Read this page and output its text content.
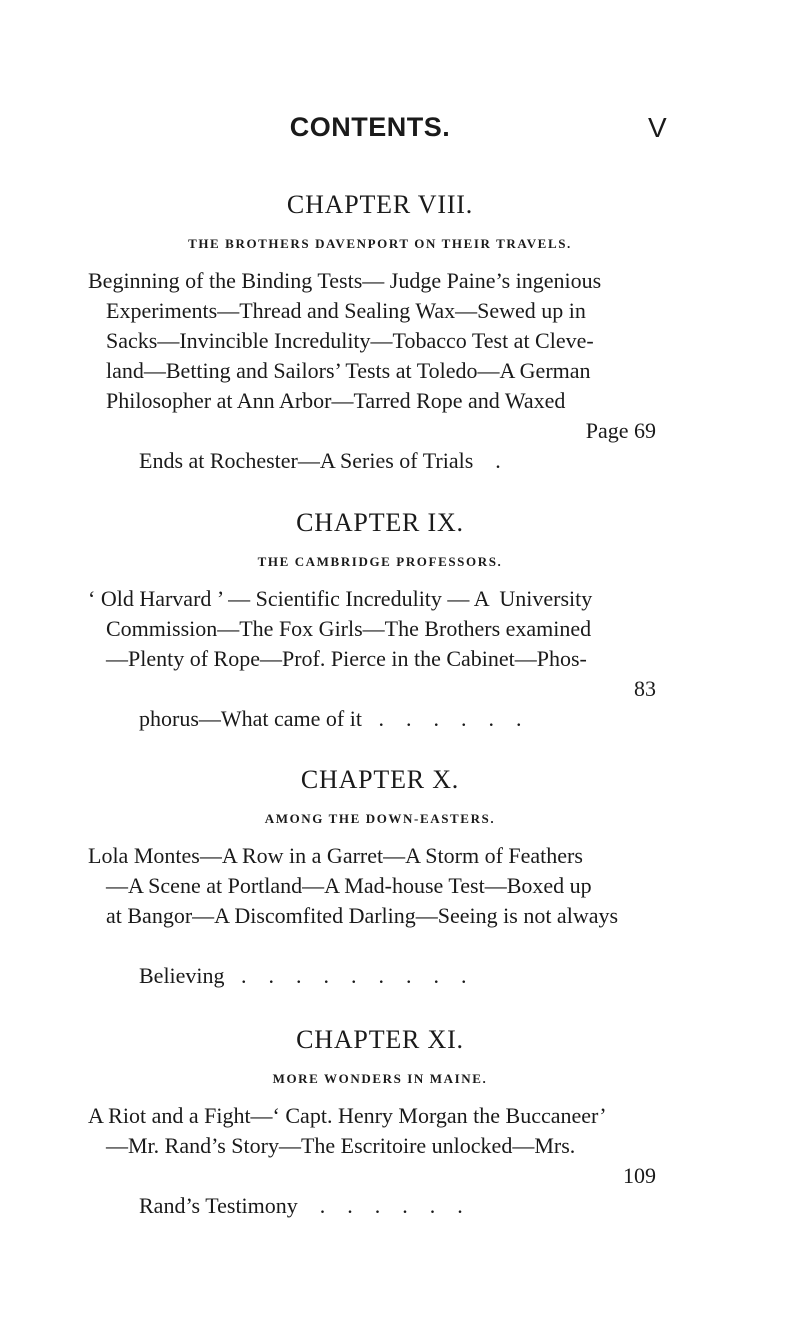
CONTENTS.	V
CHAPTER VIII.
THE BROTHERS DAVENPORT ON THEIR TRAVELS.
Beginning of the Binding Tests— Judge Paine’s ingenious
Experiments—Thread and Sealing Wax—Sewed up in
Sacks—Invincible Incredulity—Tobacco Test at Cleve-
land—Betting and Sailors’ Tests at Toledo—A German
Philosopher at Ann Arbor—Tarred Rope and Waxed

Ends at Rochester—A Series of Trials    .

Page 69

CHAPTER IX.
THE CAMBRIDGE PROFESSORS.
‘ Old Harvard ’ — Scientific Incredulity — A  University
Commission—The Fox Girls—The Brothers examined
—Plenty of Rope—Prof. Pierce in the Cabinet—Phos-

phorus—What came of it   .    .    .    .    .    .

83

CHAPTER X.
AMONG THE DOWN-EASTERS.
Lola Montes—A Row in a Garret—A Storm of Feathers
—A Scene at Portland—A Mad-house Test—Boxed up
at Bangor—A Discomfited Darling—Seeing is not always

Believing   .    .    .    .    .    .    .    .    .

CHAPTER XI.
MORE WONDERS IN MAINE.
A Riot and a Fight—‘ Capt. Henry Morgan the Buccaneer’
—Mr. Rand’s Story—The Escritoire unlocked—Mrs.

Rand’s Testimony    .    .    .    .    .    .

109
